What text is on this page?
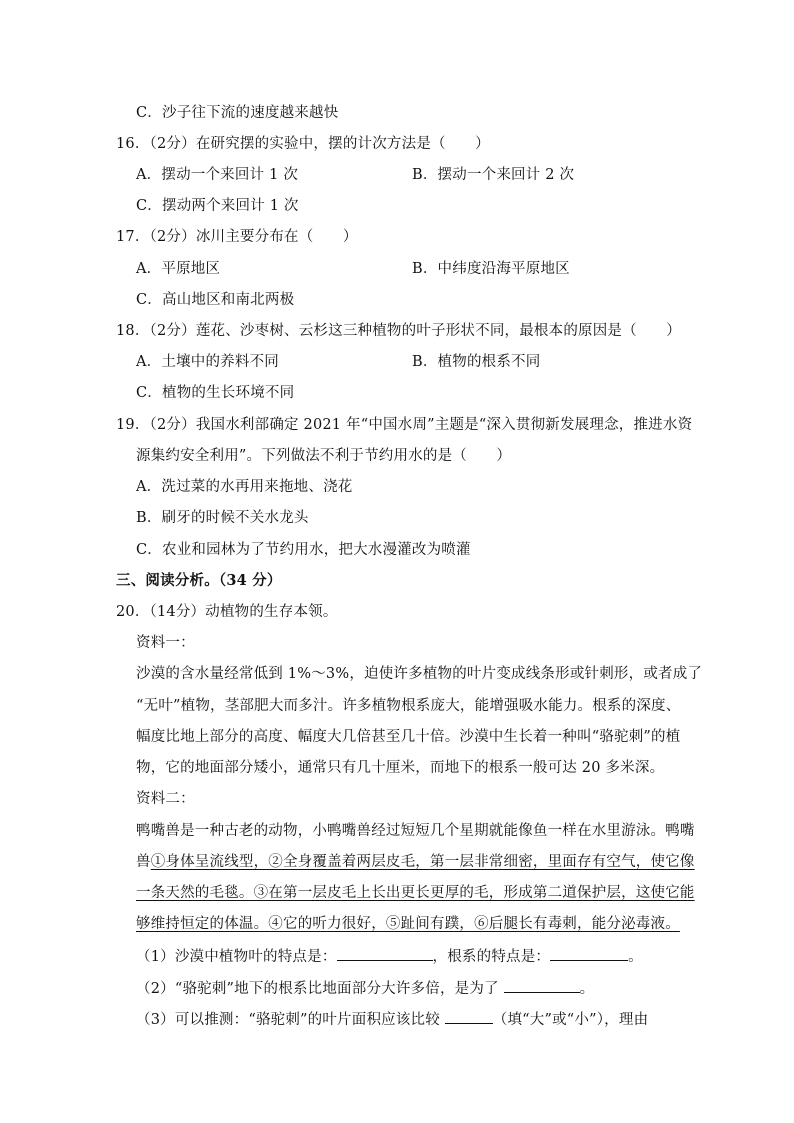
C．沙子往下流的速度越来越快
16．（2分）在研究摆的实验中，摆的计次方法是（　　）
A．摆动一个来回计 1 次	B．摆动一个来回计 2 次
C．摆动两个来回计 1 次
17．（2分）冰川主要分布在（　　）
A．平原地区	B．中纬度沿海平原地区
C．高山地区和南北两极
18．（2分）莲花、沙枣树、云杉这三种植物的叶子形状不同，最根本的原因是（　　）
A．土壤中的养料不同	B．植物的根系不同
C．植物的生长环境不同
19．（2分）我国水利部确定 2021 年“中国水周”主题是“深入贯彻新发展理念，推进水资
源集约安全利用”。下列做法不利于节约用水的是（　　）
A．洗过菜的水再用来拖地、浇花
B．刷牙的时候不关水龙头
C．农业和园林为了节约用水，把大水漫灌改为喷灌
三、阅读分析。（34 分）
20．（14分）动植物的生存本领。
资料一：
沙漠的含水量经常低到 1%～3%，迫使许多植物的叶片变成线条形或针刺形，或者成了
“无叶”植物，茎部肥大而多汁。许多植物根系庞大，能增强吸水能力。根系的深度、
幅度比地上部分的高度、幅度大几倍甚至几十倍。沙漠中生长着一种叫“骆驼刺”的植
物，它的地面部分矮小，通常只有几十厘米，而地下的根系一般可达 20 多米深。
资料二：
鸭嘴兽是一种古老的动物，小鸭嘴兽经过短短几个星期就能像鱼一样在水里游泳。鸭嘴
兽①身体呈流线型，②全身覆盖着两层皮毛，第一层非常细密，里面存有空气，使它像
一条天然的毛毯。③在第一层皮毛上长出更长更厚的毛，形成第二道保护层，这使它能
够维持恒定的体温。④它的听力很好，⑤趾间有蹼，⑥后腿长有毒刺，能分泌毒液。
（1）沙漠中植物叶的特点是：	，根系的特点是：	。
（2）“骆驼刺”地下的根系比地面部分大许多倍，是为了	。
（3）可以推测：“骆驼刺”的叶片面积应该比较	（填“大”或“小”），理由
